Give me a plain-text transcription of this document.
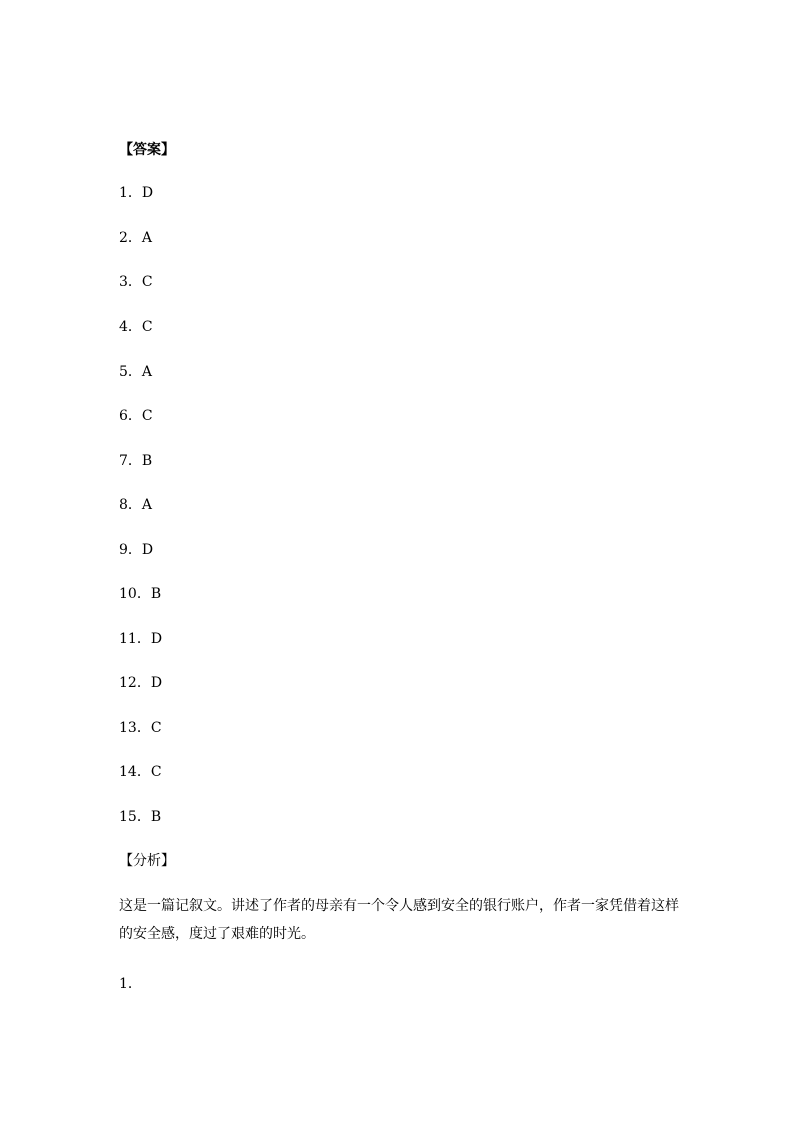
【答案】
1．D
2．A
3．C
4．C
5．A
6．C
7．B
8．A
9．D
10．B
11．D
12．D
13．C
14．C
15．B
【分析】
这是一篇记叙文。讲述了作者的母亲有一个令人感到安全的银行账户，作者一家凭借着这样的安全感，度过了艰难的时光。
1．
